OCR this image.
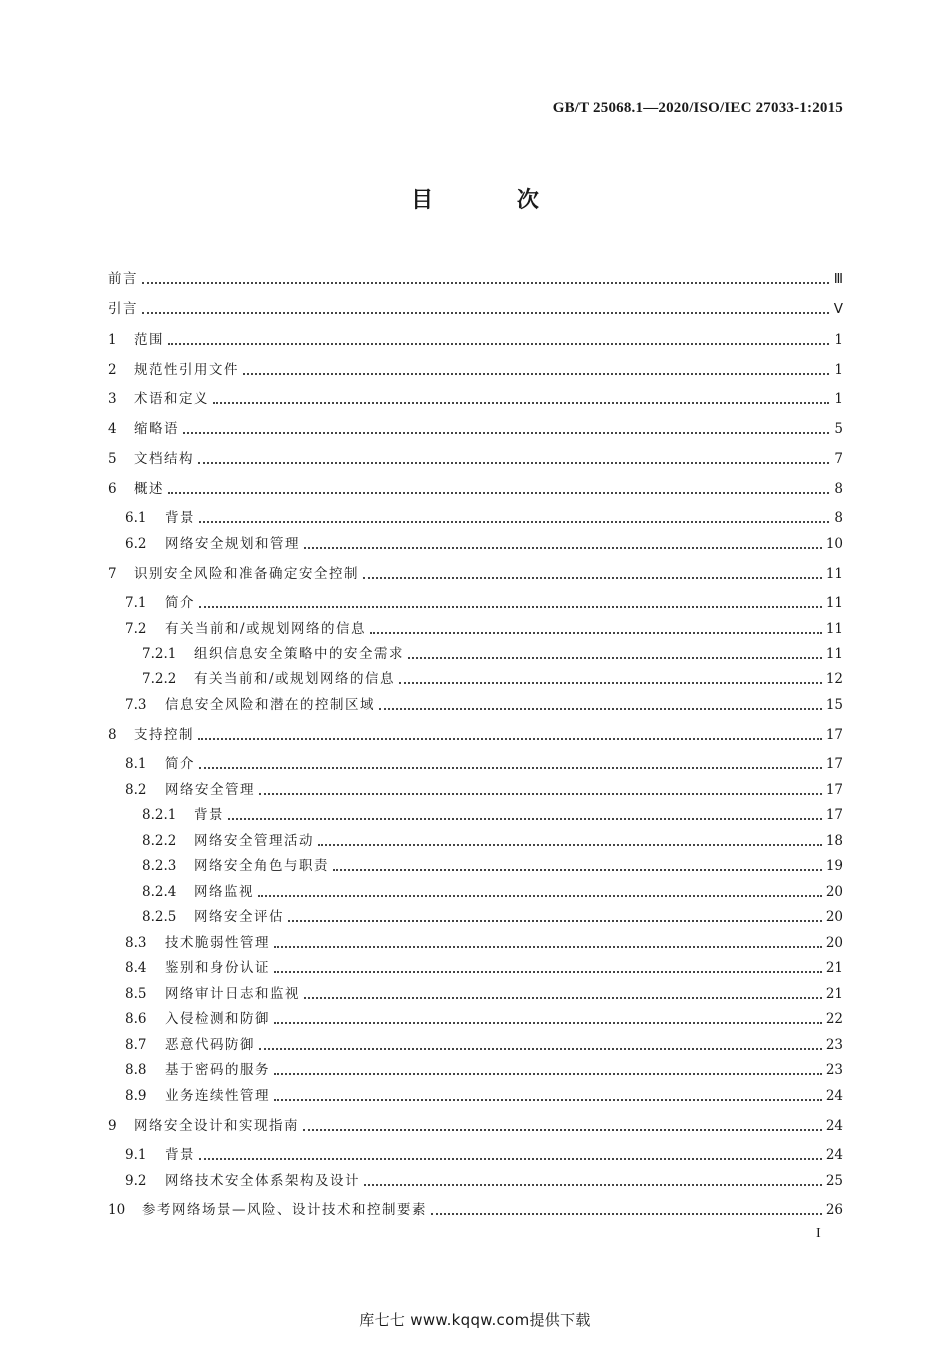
GB/T 25068.1—2020/ISO/IEC 27033-1:2015
目 次
前言	Ⅲ
引言	Ⅴ
1	范围	1
2	规范性引用文件	1
3	术语和定义	1
4	缩略语	5
5	文档结构	7
6	概述	8
6.1	背景	8
6.2	网络安全规划和管理	10
7	识别安全风险和准备确定安全控制	11
7.1	简介	11
7.2	有关当前和/或规划网络的信息	11
7.2.1	组织信息安全策略中的安全需求	11
7.2.2	有关当前和/或规划网络的信息	12
7.3	信息安全风险和潜在的控制区域	15
8	支持控制	17
8.1	简介	17
8.2	网络安全管理	17
8.2.1	背景	17
8.2.2	网络安全管理活动	18
8.2.3	网络安全角色与职责	19
8.2.4	网络监视	20
8.2.5	网络安全评估	20
8.3	技术脆弱性管理	20
8.4	鉴别和身份认证	21
8.5	网络审计日志和监视	21
8.6	入侵检测和防御	22
8.7	恶意代码防御	23
8.8	基于密码的服务	23
8.9	业务连续性管理	24
9	网络安全设计和实现指南	24
9.1	背景	24
9.2	网络技术安全体系架构及设计	25
10	参考网络场景—风险、设计技术和控制要素	26
I
库七七 www.kqqw.com提供下载
